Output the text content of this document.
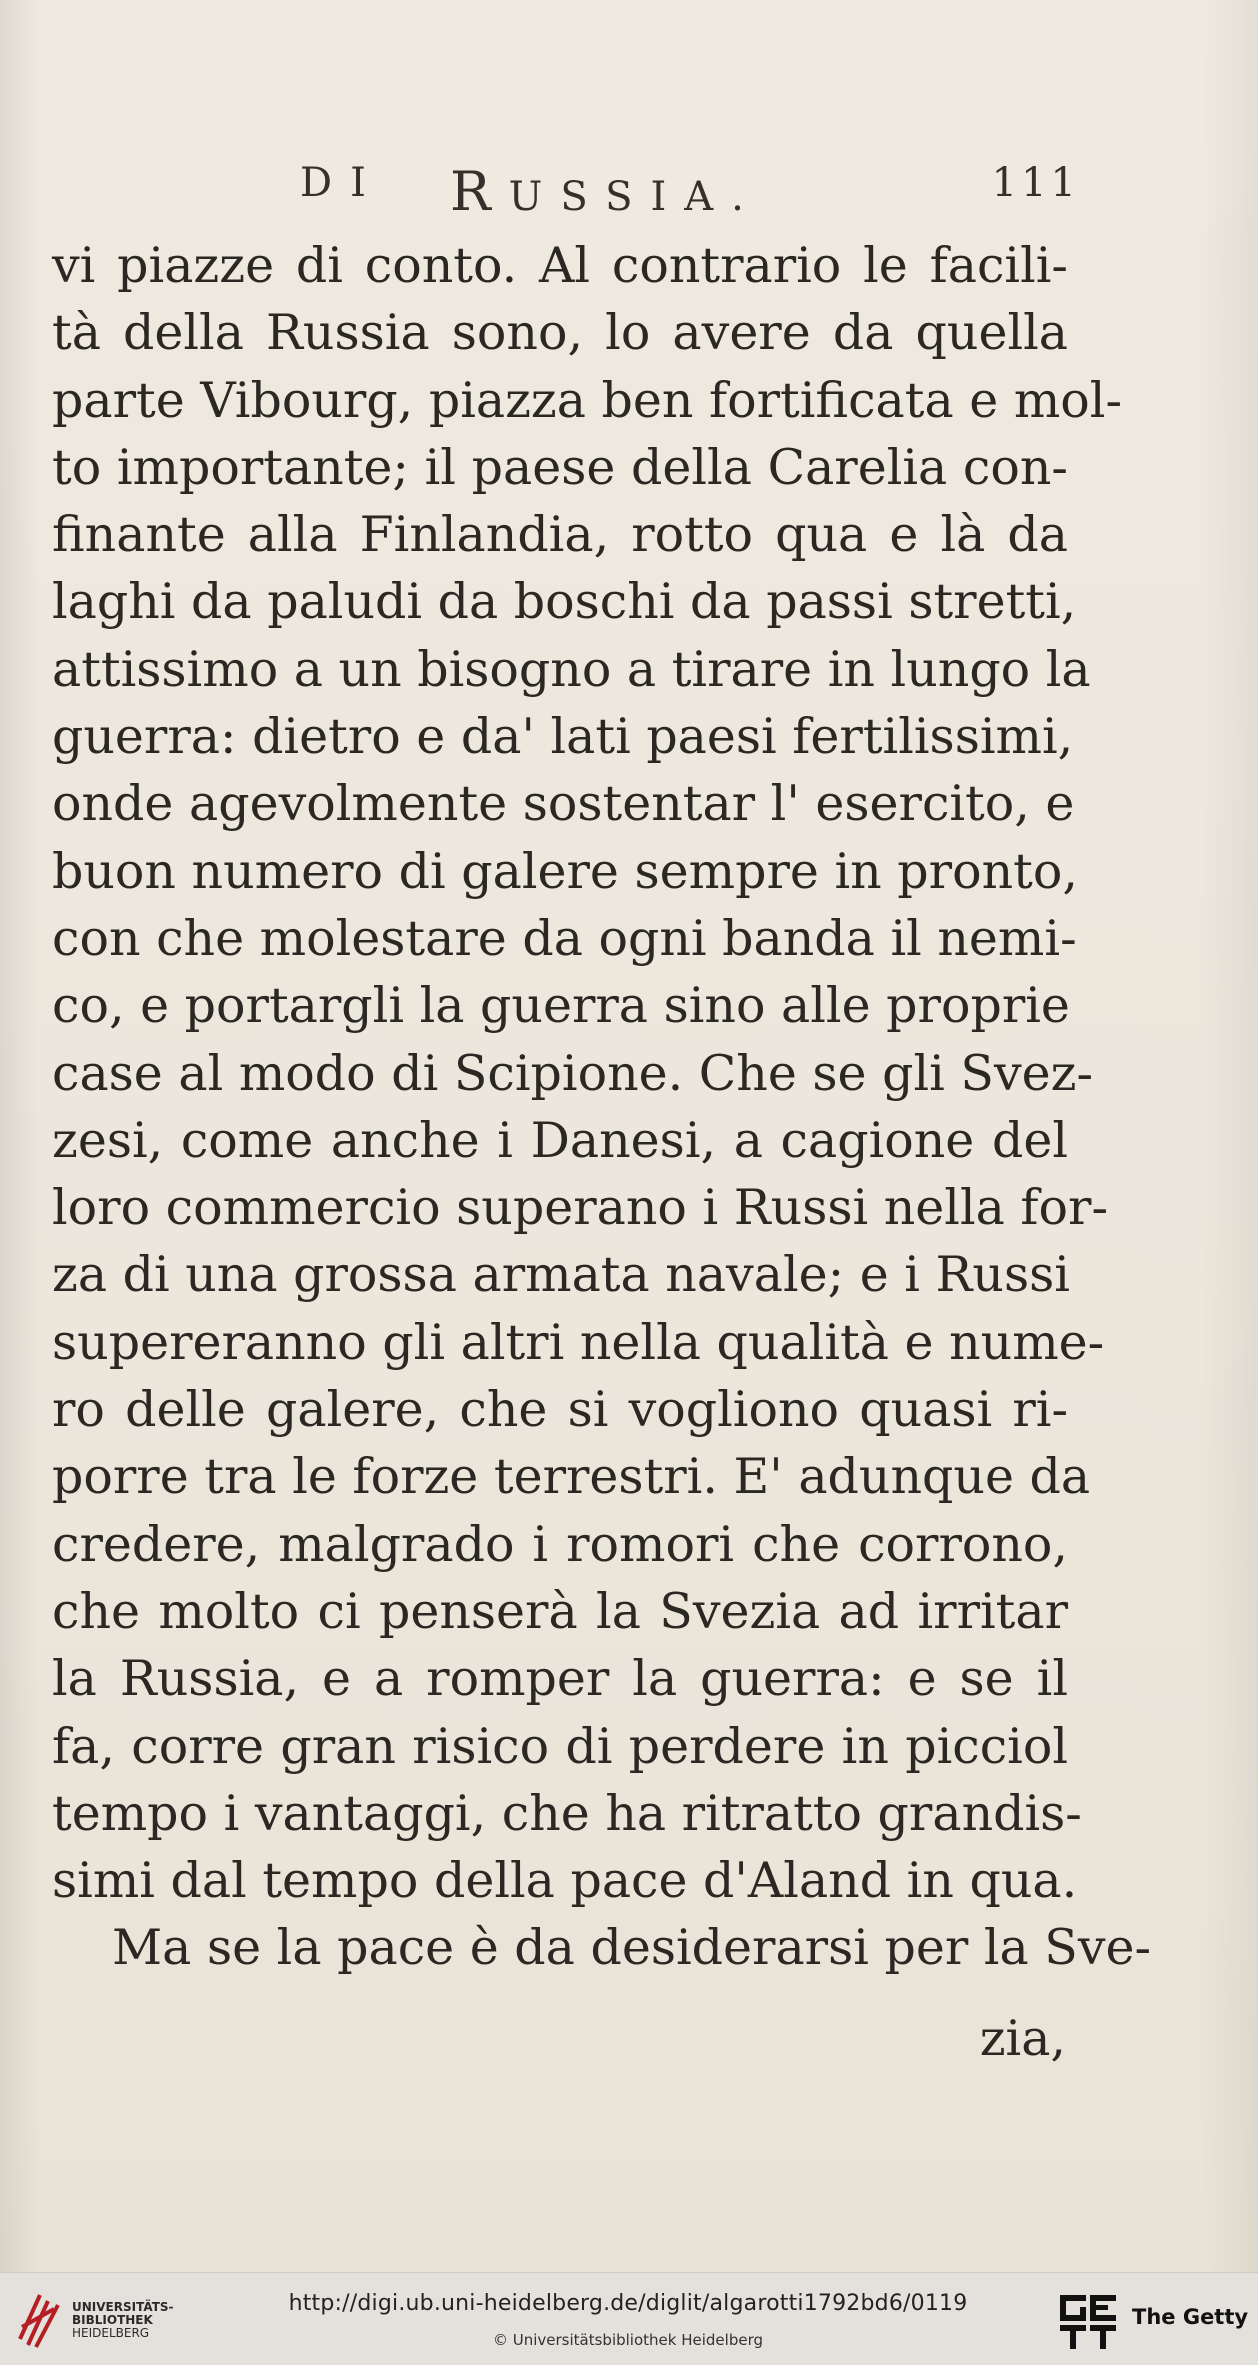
DI RUSSIA.	111
vi piazze di conto. Al contrario le facili-
tà della Russia sono, lo avere da quella
parte Vibourg, piazza ben fortificata e mol-
to importante; il paese della Carelia con-
finante alla Finlandia, rotto qua e là da
laghi da paludi da boschi da passi stretti,
attissimo a un bisogno a tirare in lungo la
guerra: dietro e da' lati paesi fertilissimi,
onde agevolmente sostentar l' esercito, e
buon numero di galere sempre in pronto,
con che molestare da ogni banda il nemi-
co, e portargli la guerra sino alle proprie
case al modo di Scipione. Che se gli Svez-
zesi, come anche i Danesi, a cagione del
loro commercio superano i Russi nella for-
za di una grossa armata navale; e i Russi
supereranno gli altri nella qualità e nume-
ro delle galere, che si vogliono quasi ri-
porre tra le forze terrestri. E' adunque da
credere, malgrado i romori che corrono,
che molto ci penserà la Svezia ad irritar
la Russia, e a romper la guerra: e se il
fa, corre gran risico di perdere in picciol
tempo i vantaggi, che ha ritratto grandis-
simi dal tempo della pace d'Aland in qua.
Ma se la pace è da desiderarsi per la Sve-
zia,
UNIVERSITÄTS-
BIBLIOTHEK
HEIDELBERG
http://digi.ub.uni-heidelberg.de/diglit/algarotti1792bd6/0119
© Universitätsbibliothek Heidelberg
The Getty
